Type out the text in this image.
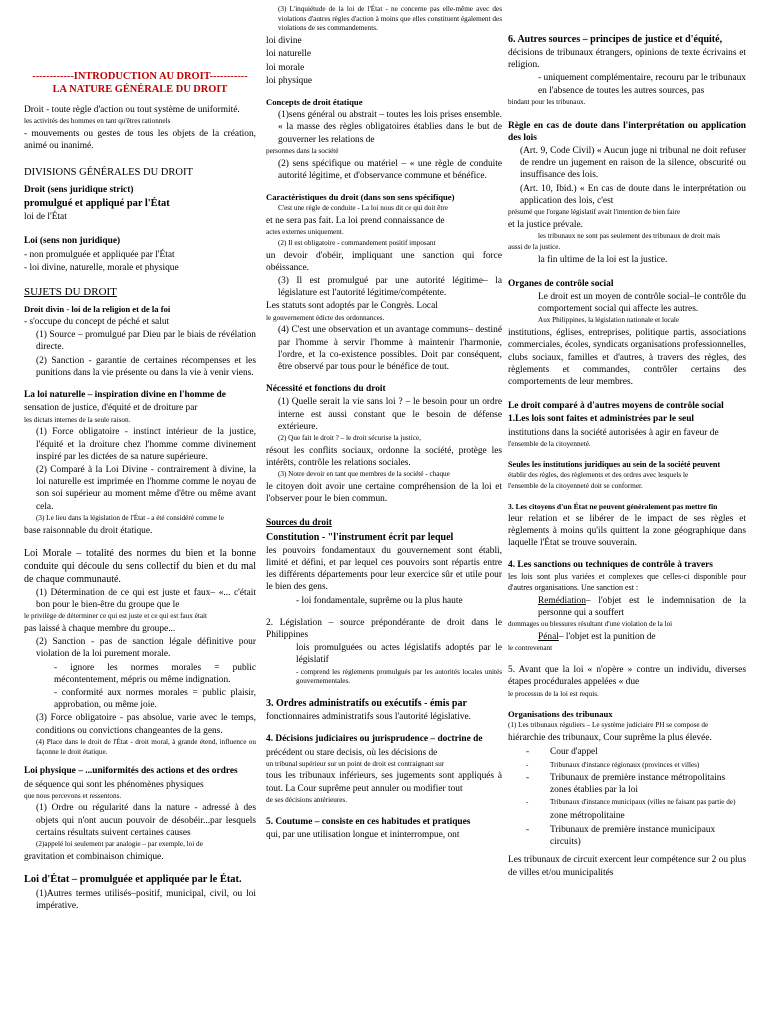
------------INTRODUCTION AU DROIT-----------
LA NATURE GÉNÉRALE DU DROIT

Droit - toute règle d'action ou tout système de uniformité.

les activités des hommes en tant qu'êtres rationnels

- mouvements ou gestes de tous les objets de la création, animé ou inanimé.

DIVISIONS GÉNÉRALES DU DROIT

Droit (sens juridique strict)

promulgué et appliqué par l'État

loi de l'État

Loi (sens non juridique)

- non promulguée et appliquée par l'État

- loi divine, naturelle, morale et physique

SUJETS DU DROIT

Droit divin - loi de la religion et de la foi

- s'occupe du concept de péché et salut

(1) Source – promulgué par Dieu par le biais de révélation directe.

(2) Sanction - garantie de certaines récompenses et les punitions dans la vie présente ou dans la vie à venir viens.

La loi naturelle – inspiration divine en l'homme de

sensation de justice, d'équité et de droiture par

les dictats internes de la seule raison.

(1) Force obligatoire - instinct intérieur de la justice, l'équité et la droiture chez l'homme comme divinement inspiré par les dictées de sa nature supérieure.

(2) Comparé à la Loi Divine - contrairement à divine, la loi naturelle est imprimée en l'homme comme le noyau de son soi supérieur au moment même d'être ou même avant cela.

(3) Le lieu dans la législation de l'État - a été considéré comme le

base raisonnable du droit étatique.

Loi Morale – totalité des normes du bien et la bonne conduite qui découle du sens collectif du bien et du mal de chaque communauté.

(1) Détermination de ce qui est juste et faux– «... c'était bon pour le bien-être du groupe que le

le privilège de déterminer ce qui est juste et ce qui est faux était

pas laissé à chaque membre du groupe...

(2) Sanction - pas de sanction légale définitive pour violation de la loi purement morale.

- ignore les normes morales = public mécontentement, mépris ou même indignation.

- conformité aux normes morales = public plaisir, approbation, ou même joie.

(3) Force obligatoire - pas absolue, varie avec le temps, conditions ou convictions changeantes de la gens.

(4) Place dans le droit de l'État - droit moral, à grande étend, influence ou façonne le droit étatique.

Loi physique – ...uniformités des actions et des ordres

de séquence qui sont les phénomènes physiques

que nous percevons et ressentons.

(1) Ordre ou régularité dans la nature - adressé à des objets qui n'ont aucun pouvoir de désobéir...par lesquels certains résultats suivent certaines causes

(2)appelé loi seulement par analogie – par exemple, loi de

gravitation et combinaison chimique.

Loi d'État – promulguée et appliquée par le État.

(1)Autres termes utilisés–positif, municipal, civil, ou loi impérative.

(3) L'inquiétude de la loi de l'État - ne concerne pas elle-même avec des violations d'autres règles d'action à moins que elles constituent également des violations de ses commandements.

loi divine

loi naturelle

loi morale

loi physique

Concepts de droit étatique

(1)sens général ou abstrait – toutes les lois prises ensemble. « la masse des règles obligatoires établies dans le but de gouverner les relations de

personnes dans la société

(2) sens spécifique ou matériel – « une règle de conduite autorité légitime, et d'observance commune et bénéfice.

Caractéristiques du droit (dans son sens spécifique)

C'est une règle de conduite - La loi nous dit ce qui doit être

et ne sera pas fait. La loi prend connaissance de

actes externes uniquement.

(2) Il est obligatoire - commandement positif imposant

un devoir d'obéir, impliquant une sanction qui force obéissance.

(3) Il est promulgué par une autorité légitime– la législature est l'autorité légitime/compétente.

Les statuts sont adoptés par le Congrès. Local

le gouvernement édicte des ordonnances.

(4) C'est une observation et un avantage communs– destiné par l'homme à servir l'homme à maintenir l'harmonie, l'ordre, et la co-existence possibles. Doit par conséquent, être observé par tous pour le bénéfice de tout.

Nécessité et fonctions du droit

(1) Quelle serait la vie sans loi ? – le besoin pour un ordre interne est aussi constant que le besoin de défense extérieure.

(2) Que fait le droit ? – le droit sécurise la justice,

résout les conflits sociaux, ordonne la société, protège les intérêts, contrôle les relations sociales.

(3) Notre devoir en tant que membres de la société - chaque

le citoyen doit avoir une certaine compréhension de la loi et l'observer pour le bien commun.

Sources du droit

Constitution - "l'instrument écrit par lequel

les pouvoirs fondamentaux du gouvernement sont établi, limité et défini, et par lequel ces pouvoirs sont répartis entre les différents départements pour leur exercice sûr et utile pour le bien des gens.

- loi fondamentale, suprême ou la plus haute

2. Législation – source prépondérante de droit dans le Philippines

lois promulguées ou actes législatifs adoptés par le législatif

- comprend les règlements promulgués par les autorités locales unités gouvernementales.

3. Ordres administratifs ou exécutifs - émis par

fonctionnaires administratifs sous l'autorité législative.

4. Décisions judiciaires ou jurisprudence – doctrine de

précédent ou stare decisis, où les décisions de

un tribunal supérieur sur un point de droit est contraignant sur

tous les tribunaux inférieurs, ses jugements sont appliqués à tout. La Cour suprême peut annuler ou modifier tout

de ses décisions antérieures.

5. Coutume – consiste en ces habitudes et pratiques

qui, par une utilisation longue et ininterrompue, ont

6. Autres sources – principes de justice et d'équité,

décisions de tribunaux étrangers, opinions de texte écrivains et religion.

- uniquement complémentaire, recouru par le tribunaux en l'absence de toutes les autres sources, pas

bindant pour les tribunaux.

Règle en cas de doute dans l'interprétation ou application des lois

(Art. 9, Code Civil) « Aucun juge ni tribunal ne doit refuser de rendre un jugement en raison de la silence, obscurité ou insuffisance des lois.

(Art. 10, Ibid.) « En cas de doute dans le interprétation ou application des lois, c'est

présumé que l'organe législatif avait l'intention de bien faire

et la justice prévale.

les tribunaux ne sont pas seulement des tribunaux de droit mais

aussi de la justice.

la fin ultime de la loi est la justice.

Organes de contrôle social

Le droit est un moyen de contrôle social–le contrôle du comportement social qui affecte les autres.

Aux Philippines, la législation nationale et locale

institutions, églises, entreprises, politique partis, associations commerciales, écoles, syndicats organisations professionnelles, clubs sociaux, familles et d'autres, à travers des règles, des règlements et commandes, contrôler certains des comportements de leur membres.

Le droit comparé à d'autres moyens de contrôle social

1.Les lois sont faites et administrées par le seul

institutions dans la société autorisées à agir en faveur de

l'ensemble de la citoyenneté.

Seules les institutions juridiques au sein de la société peuvent

établir des règles, des règlements et des ordres avec lesquels le

l'ensemble de la citoyenneté doit se conformer.

3. Les citoyens d'un État ne peuvent généralement pas mettre fin

leur relation et se libérer de le impact de ses règles et règlements à moins qu'ils quittent la zone géographique dans laquelle l'État se trouve souverain.

4. Les sanctions ou techniques de contrôle à travers

les lois sont plus variées et complexes que celles-ci disponible pour d'autres organisations. Une sanction est :

Remédiation– l'objet est le indemnisation de la personne qui a souffert

dommages ou blessures résultant d'une violation de la loi

Pénal– l'objet est la punition de

le contrevenant

5. Avant que la loi « n'opère » contre un individu, diverses étapes procédurales appelées « due

le processus de la loi est requis.

Organisations des tribunaux

(1) Les tribunaux réguliers – Le système judiciaire PH se compose de

hiérarchie des tribunaux, Cour suprême la plus élevée.

- Cour d'appel
-	Tribunaux d'instance régionaux (provinces et villes)
- Tribunaux de première instance métropolitains zones établies par la loi
-	Tribunaux d'instance municipaux (villes ne faisant pas partie de)
zone métropolitaine
- Tribunaux de première instance municipaux circuits)

Les tribunaux de circuit exercent leur compétence sur 2 ou plus de villes et/ou municipalités
